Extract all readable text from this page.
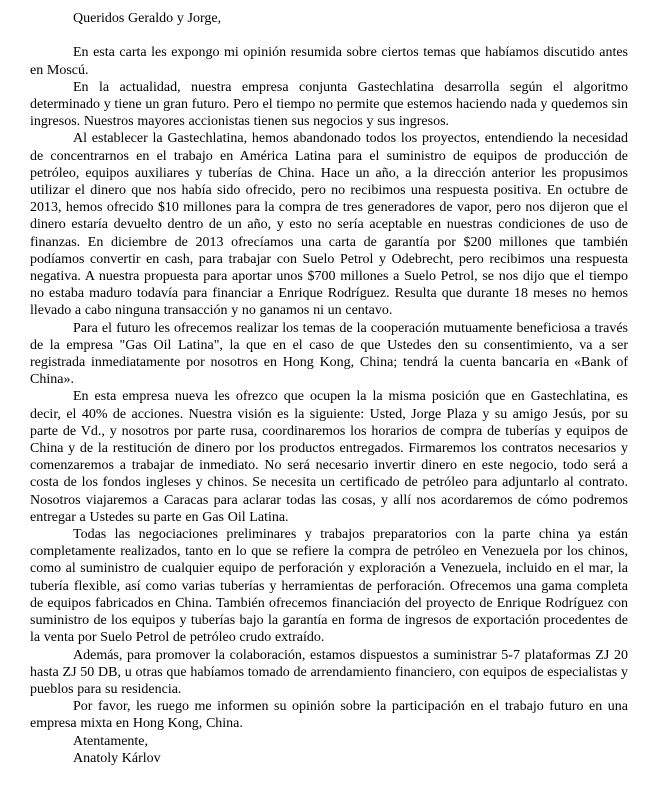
Queridos Geraldo y Jorge,

En esta carta les expongo mi opinión resumida sobre ciertos temas que habíamos discutido antes en Moscú.

En la actualidad, nuestra empresa conjunta Gastechlatina desarrolla según el algoritmo determinado y tiene un gran futuro. Pero el tiempo no permite que estemos haciendo nada y quedemos sin ingresos. Nuestros mayores accionistas tienen sus negocios y sus ingresos.

Al establecer la Gastechlatina, hemos abandonado todos los proyectos, entendiendo la necesidad de concentrarnos en el trabajo en América Latina para el suministro de equipos de producción de petróleo, equipos auxiliares y tuberías de China. Hace un año, a la dirección anterior les propusimos utilizar el dinero que nos había sido ofrecido, pero no recibimos una respuesta positiva. En octubre de 2013, hemos ofrecido $10 millones para la compra de tres generadores de vapor, pero nos dijeron que el dinero estaría devuelto dentro de un año, y esto no sería aceptable en nuestras condiciones de uso de finanzas. En diciembre de 2013 ofrecíamos una carta de garantía por $200 millones que también podíamos convertir en cash, para trabajar con Suelo Petrol y Odebrecht, pero recibimos una respuesta negativa. A nuestra propuesta para aportar unos $700 millones a Suelo Petrol, se nos dijo que el tiempo no estaba maduro todavía para financiar a Enrique Rodríguez. Resulta que durante 18 meses no hemos llevado a cabo ninguna transacción y no ganamos ni un centavo.

Para el futuro les ofrecemos realizar los temas de la cooperación mutuamente beneficiosa a través de la empresa "Gas Oil Latina", la que en el caso de que Ustedes den su consentimiento, va a ser registrada inmediatamente por nosotros en Hong Kong, China; tendrá la cuenta bancaria en «Bank of China».

En esta empresa nueva les ofrezco que ocupen la la misma posición que en Gastechlatina, es decir, el 40% de acciones. Nuestra visión es la siguiente: Usted, Jorge Plaza y su amigo Jesús, por su parte de Vd., y nosotros por parte rusa, coordinaremos los horarios de compra de tuberías y equipos de China y de la restitución de dinero por los productos entregados. Firmaremos los contratos necesarios y comenzaremos a trabajar de inmediato. No será necesario invertir dinero en este negocio, todo será a costa de los fondos ingleses y chinos. Se necesita un certificado de petróleo para adjuntarlo al contrato. Nosotros viajaremos a Caracas para aclarar todas las cosas, y allí nos acordaremos de cómo podremos entregar a Ustedes su parte en Gas Oil Latina.

Todas las negociaciones preliminares y trabajos preparatorios con la parte china ya están completamente realizados, tanto en lo que se refiere la compra de petróleo en Venezuela por los chinos, como al suministro de cualquier equipo de perforación y exploración a Venezuela, incluido en el mar, la tubería flexible, así como varias tuberías y herramientas de perforación. Ofrecemos una gama completa de equipos fabricados en China. También ofrecemos financiación del proyecto de Enrique Rodríguez con suministro de los equipos y tuberías bajo la garantía en forma de ingresos de exportación procedentes de la venta por Suelo Petrol de petróleo crudo extraído.

Además, para promover la colaboración, estamos dispuestos a suministrar 5-7 plataformas ZJ 20 hasta ZJ 50 DB, u otras que habíamos tomado de arrendamiento financiero, con equipos de especialistas y pueblos para su residencia.

Por favor, les ruego me informen su opinión sobre la participación en el trabajo futuro en una empresa mixta en Hong Kong, China.

Atentamente,

Anatoly Kárlov
